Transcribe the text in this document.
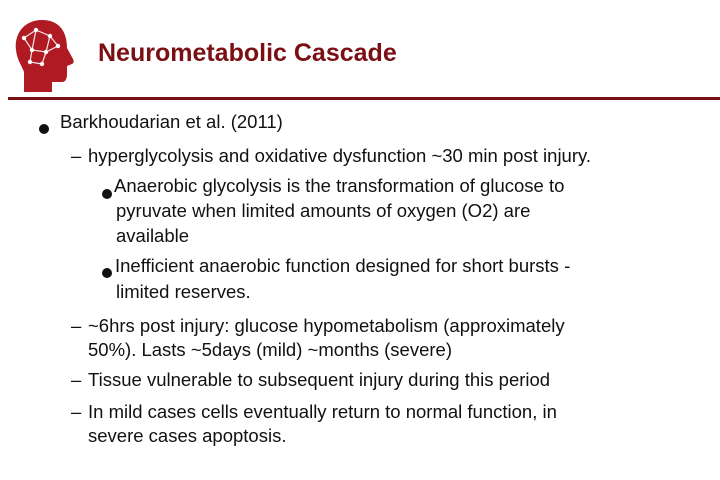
Neurometabolic Cascade
Barkhoudarian et al. (2011)
– hyperglycolysis and oxidative dysfunction ~30 min post injury.
Anaerobic glycolysis is the transformation of glucose to
pyruvate when limited amounts of oxygen (O2) are
available
Inefficient anaerobic function designed for short bursts -
limited reserves.
– ~6hrs post injury: glucose hypometabolism (approximately
50%). Lasts ~5days (mild) ~months (severe)
– Tissue vulnerable to subsequent injury during this period
– In mild cases cells eventually return to normal function, in
severe cases apoptosis.
